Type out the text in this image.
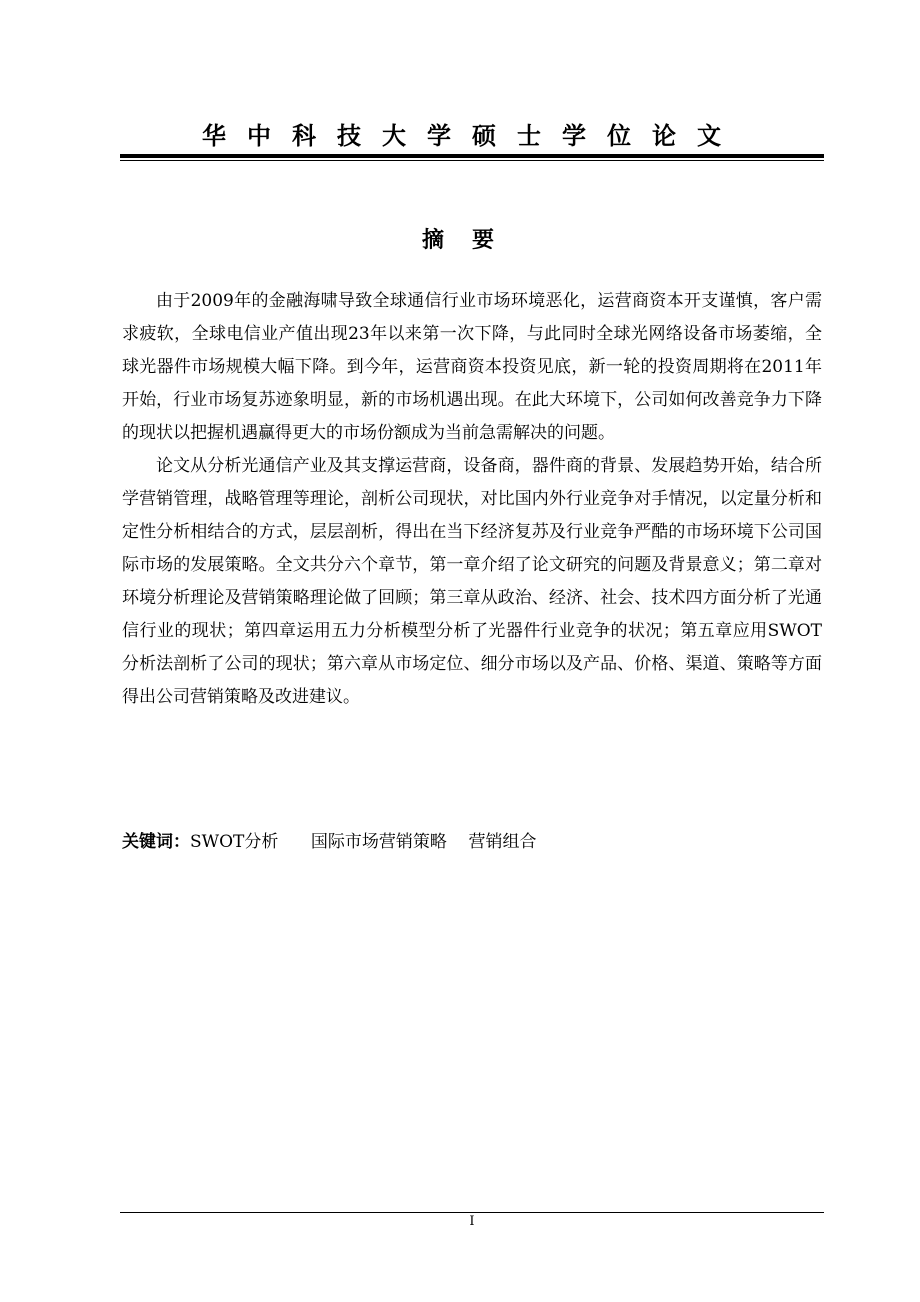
华中科技大学硕士学位论文
摘要

由于2009年的金融海啸导致全球通信行业市场环境恶化，运营商资本开支谨慎，客户需求疲软，全球电信业产值出现23年以来第一次下降，与此同时全球光网络设备市场萎缩，全球光器件市场规模大幅下降。到今年，运营商资本投资见底，新一轮的投资周期将在2011年开始，行业市场复苏迹象明显，新的市场机遇出现。在此大环境下，公司如何改善竞争力下降的现状以把握机遇赢得更大的市场份额成为当前急需解决的问题。

论文从分析光通信产业及其支撑运营商，设备商，器件商的背景、发展趋势开始，结合所学营销管理，战略管理等理论，剖析公司现状，对比国内外行业竞争对手情况，以定量分析和定性分析相结合的方式，层层剖析，得出在当下经济复苏及行业竞争严酷的市场环境下公司国际市场的发展策略。全文共分六个章节，第一章介绍了论文研究的问题及背景意义；第二章对环境分析理论及营销策略理论做了回顾；第三章从政治、经济、社会、技术四方面分析了光通信行业的现状；第四章运用五力分析模型分析了光器件行业竞争的状况；第五章应用SWOT分析法剖析了公司的现状；第六章从市场定位、细分市场以及产品、价格、渠道、策略等方面得出公司营销策略及改进建议。

关键词：SWOT分析 国际市场营销策略 营销组合
I
